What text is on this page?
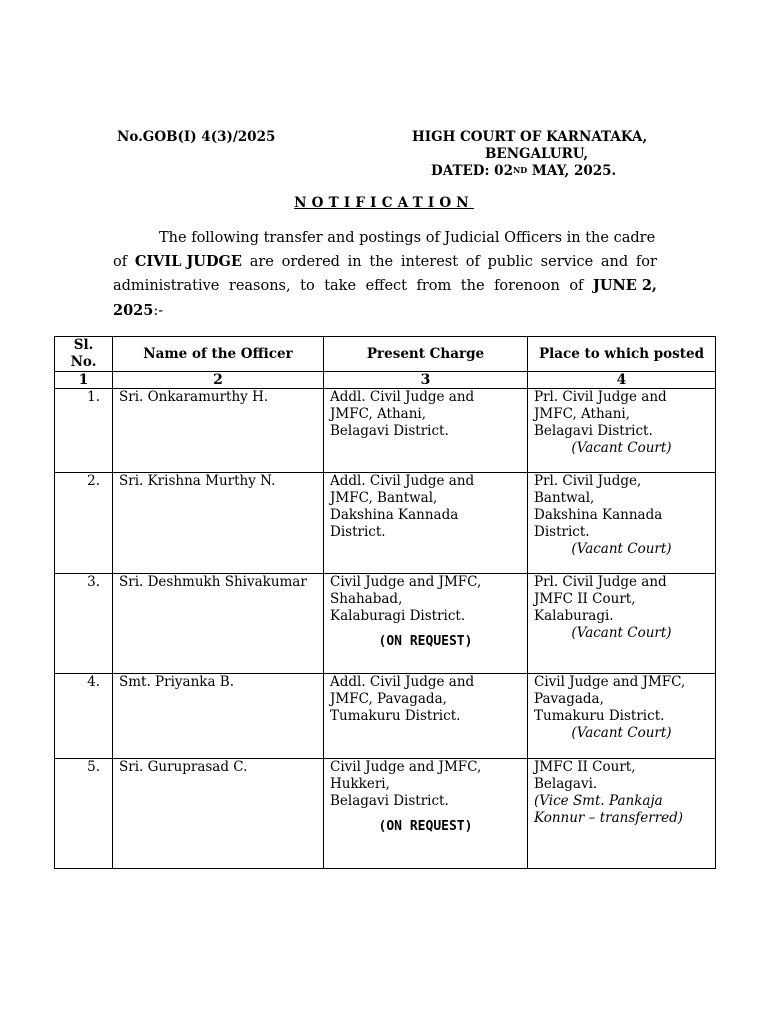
No.GOB(I) 4(3)/2025	HIGH COURT OF KARNATAKA,
BENGALURU,
DATED: 02ND MAY, 2025.
NOTIFICATION
The following transfer and postings of Judicial Officers in the cadre
of CIVIL JUDGE are ordered in the interest of public service and for
administrative reasons, to take effect from the forenoon of JUNE 2,
2025 :-
Sl. No.	Name of the Officer	Present Charge	Place to which posted
1	2	3	4
1.	Sri. Onkaramurthy H.	Addl. Civil Judge and
JMFC, Athani,
Belagavi District.	Prl. Civil Judge and
JMFC, Athani,
Belagavi District.
(Vacant Court)

2.	Sri. Krishna Murthy N.	Addl. Civil Judge and
JMFC, Bantwal,
Dakshina Kannada
District.	Prl. Civil Judge,
Bantwal,
Dakshina Kannada
District.
(Vacant Court)

3.	Sri. Deshmukh Shivakumar	Civil Judge and JMFC,
Shahabad,
Kalaburagi District.
(ON REQUEST)	Prl. Civil Judge and
JMFC II Court,
Kalaburagi.
(Vacant Court)

4.	Smt. Priyanka B.	Addl. Civil Judge and
JMFC, Pavagada,
Tumakuru District.	Civil Judge and JMFC,
Pavagada,
Tumakuru District.
(Vacant Court)

5.	Sri. Guruprasad C.	Civil Judge and JMFC,
Hukkeri,
Belagavi District.
(ON REQUEST)	JMFC II Court,
Belagavi.
(Vice Smt. Pankaja Konnur – transferred)
